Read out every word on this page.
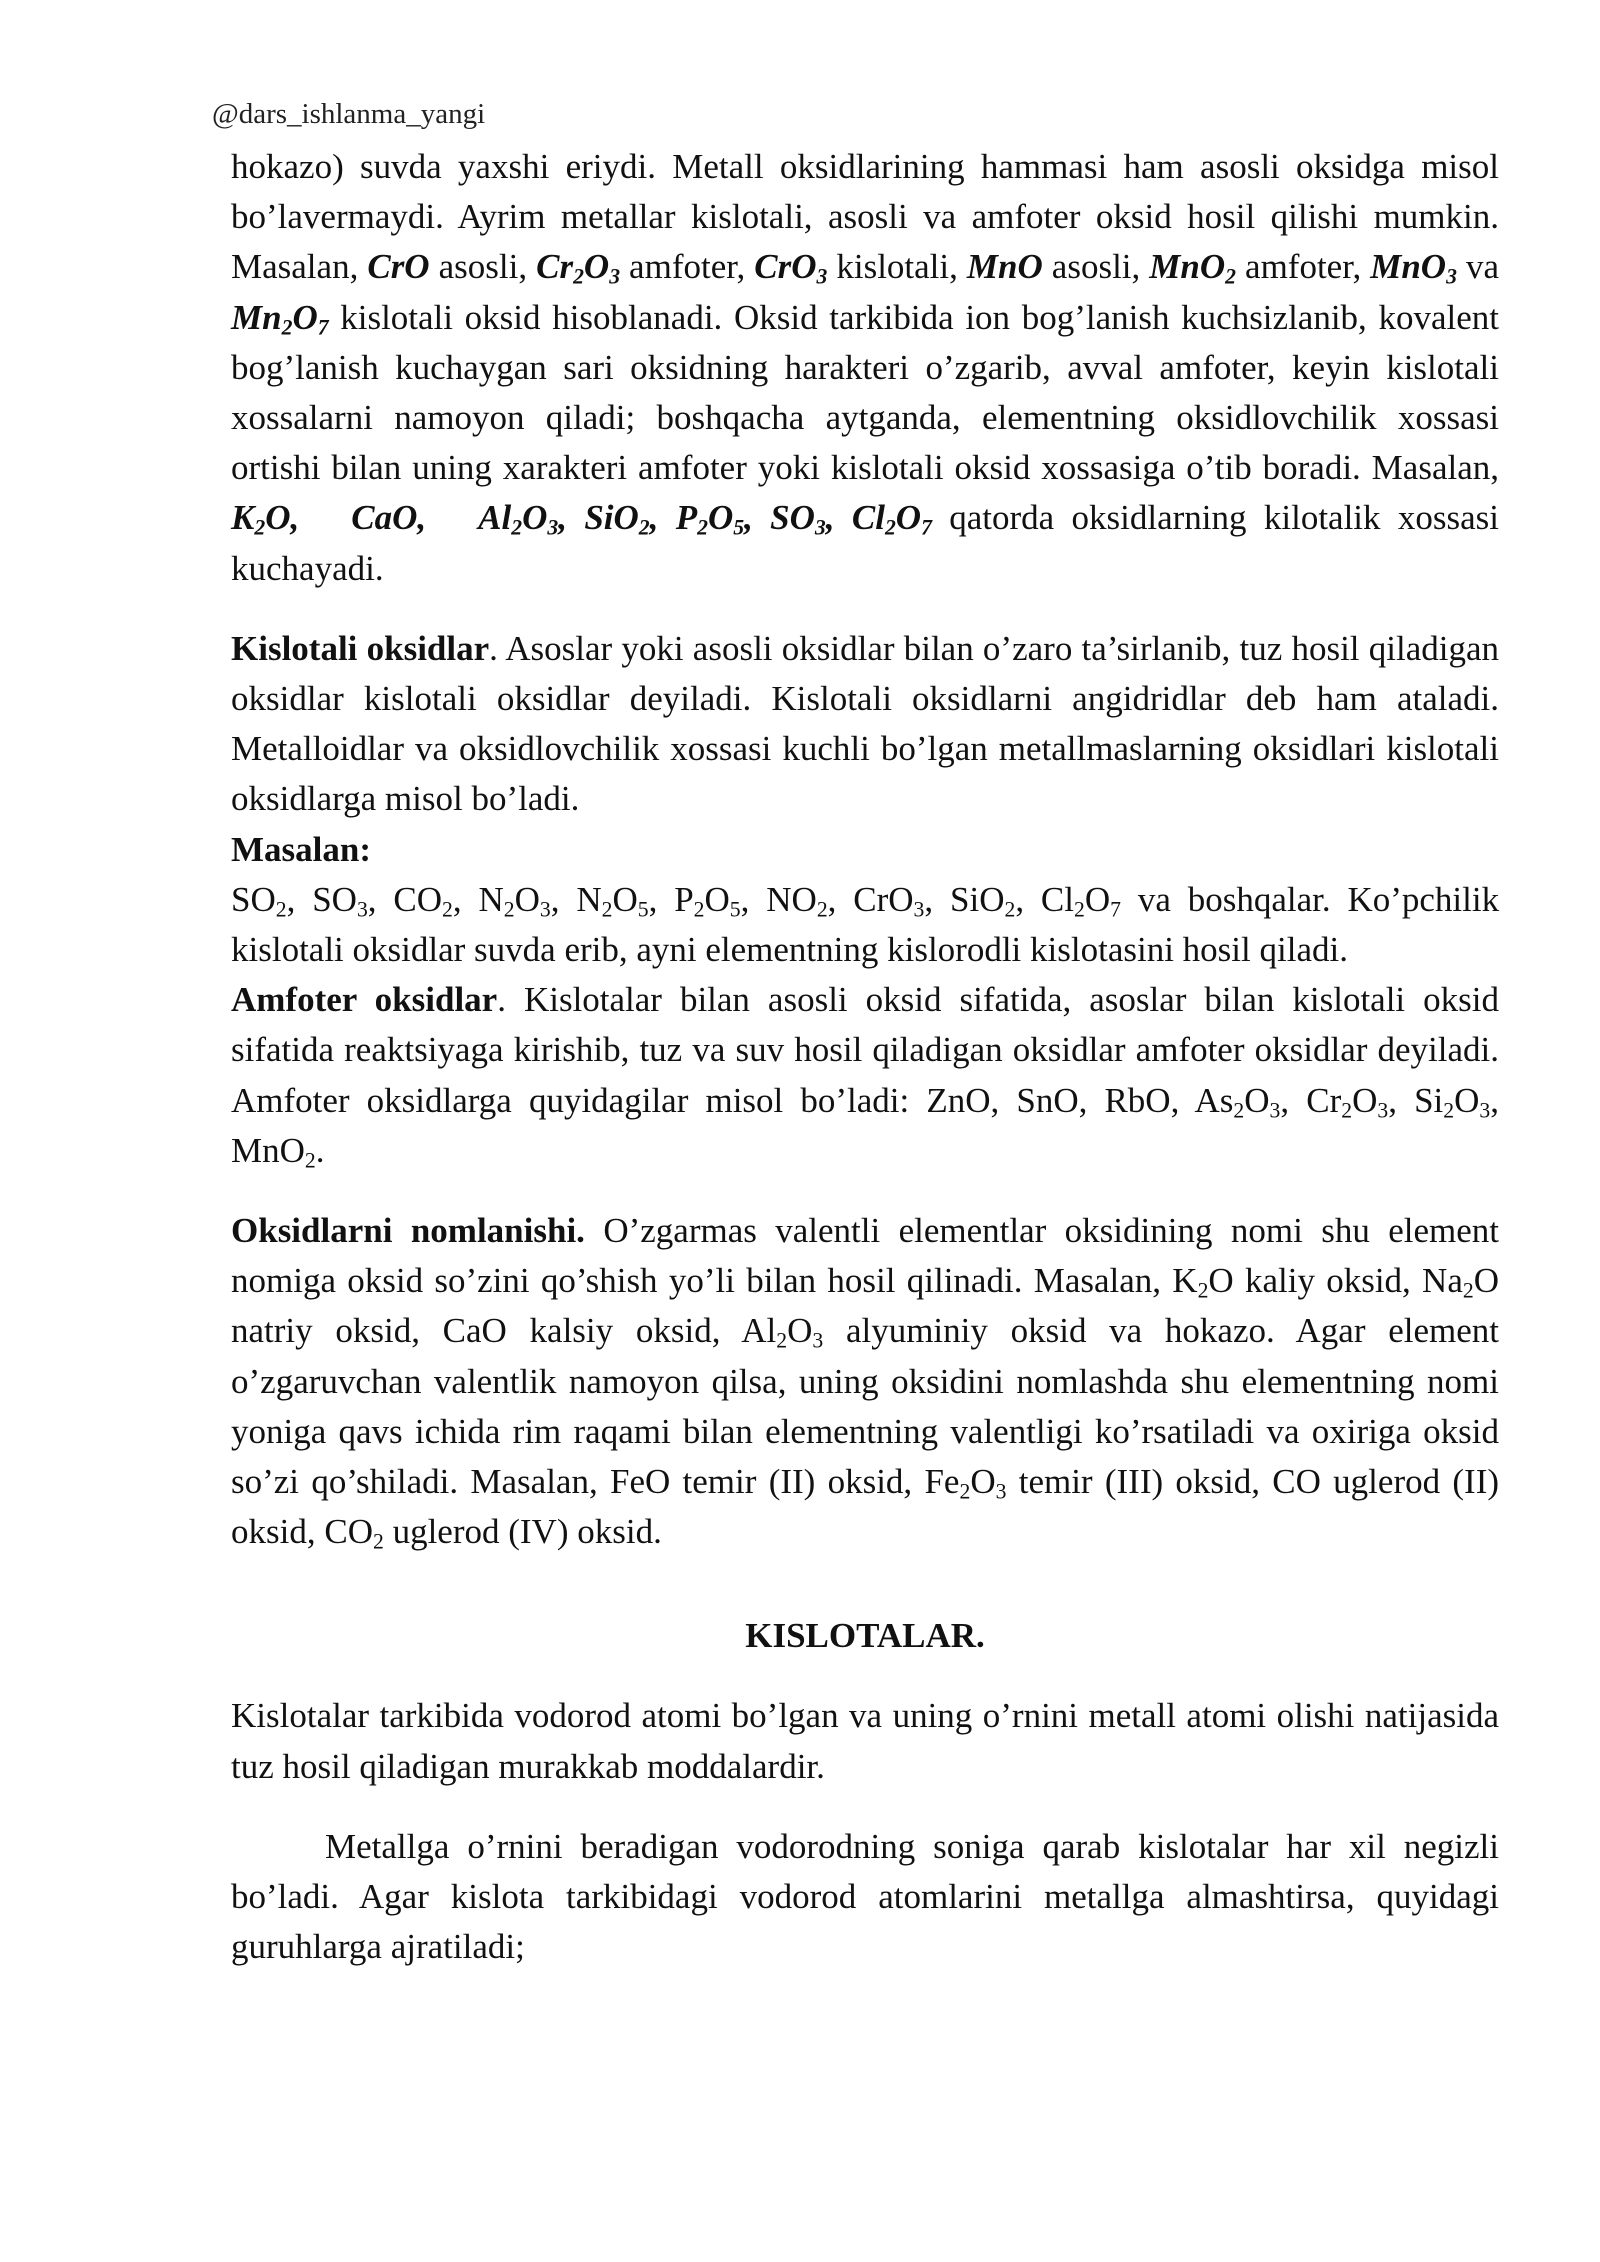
@dars_ishlanma_yangi

hokazo) suvda yaxshi eriydi. Metall oksidlarining hammasi ham asosli oksidga misol bo’lavermaydi. Ayrim metallar kislotali, asosli va amfoter oksid hosil qilishi mumkin. Masalan, CrO asosli, $Cr_2O_3$ amfoter, CrO$_3$ kislotali, MnO asosli, MnO$_2$ amfoter, MnO$_3$ va $Mn_2O_7$ kislotali oksid hisoblanadi. Oksid tarkibida ion bog’lanish kuchsizlanib, kovalent bog’lanish kuchaygan sari oksidning harakteri o’zgarib, avval amfoter, keyin kislotali xossalarni namoyon qiladi; boshqacha aytganda, elementning oksidlovchilik xossasi ortishi bilan uning xarakteri amfoter yoki kislotali oksid xossasiga o’tib boradi. Masalan, $K_2O$, CaO, $Al_2O_3$, SiO$_2$, $P_2O_5$, $SO_3$, $Cl_2O_7$ qatorda oksidlarning kilotalik xossasi kuchayadi.

Kislotali oksidlar. Asoslar yoki asosli oksidlar bilan o’zaro ta’sirlanib, tuz hosil qiladigan oksidlar kislotali oksidlar deyiladi. Kislotali oksidlarni angidridlar deb ham ataladi. Metalloidlar va oksidlovchilik xossasi kuchli bo’lgan metallmaslarning oksidlari kislotali oksidlarga misol bo’ladi.

Masalan:

$SO_2$, $SO_3$, $CO_2$, $N_2O_3$, $N_2O_5$, $P_2O_5$, $NO_2$, CrO$_3$, SiO$_2$, $Cl_2O_7$ va boshqalar. Ko’pchilik kislotali oksidlar suvda erib, ayni elementning kislorodli kislotasini hosil qiladi.

Amfoter oksidlar. Kislotalar bilan asosli oksid sifatida, asoslar bilan kislotali oksid sifatida reaktsiyaga kirishib, tuz va suv hosil qiladigan oksidlar amfoter oksidlar deyiladi. Amfoter oksidlarga quyidagilar misol bo’ladi: ZnO, SnO, RbO, $As_2O_3$, $Cr_2O_3$, $Si_2O_3$, MnO$_2$.

Oksidlarni nomlanishi. O’zgarmas valentli elementlar oksidining nomi shu element nomiga oksid so’zini qo’shish yo’li bilan hosil qilinadi. Masalan, $K_2O$ kaliy oksid, $Na_2O$ natriy oksid, CaO kalsiy oksid, $Al_2O_3$ alyuminiy oksid va hokazo. Agar element o’zgaruvchan valentlik namoyon qilsa, uning oksidini nomlashda shu elementning nomi yoniga qavs ichida rim raqami bilan elementning valentligi ko’rsatiladi va oxiriga oksid so’zi qo’shiladi. Masalan, FeO temir (II) oksid, $Fe_2O_3$ temir (III) oksid, CO uglerod (II) oksid, $CO_2$ uglerod (IV) oksid.

KISLOTALAR.

Kislotalar tarkibida vodorod atomi bo’lgan va uning o’rnini metall atomi olishi natijasida tuz hosil qiladigan murakkab moddalardir.

Metallga o’rnini beradigan vodorodning soniga qarab kislotalar har xil negizli bo’ladi. Agar kislota tarkibidagi vodorod atomlarini metallga almashtirsa, quyidagi guruhlarga ajratiladi;
